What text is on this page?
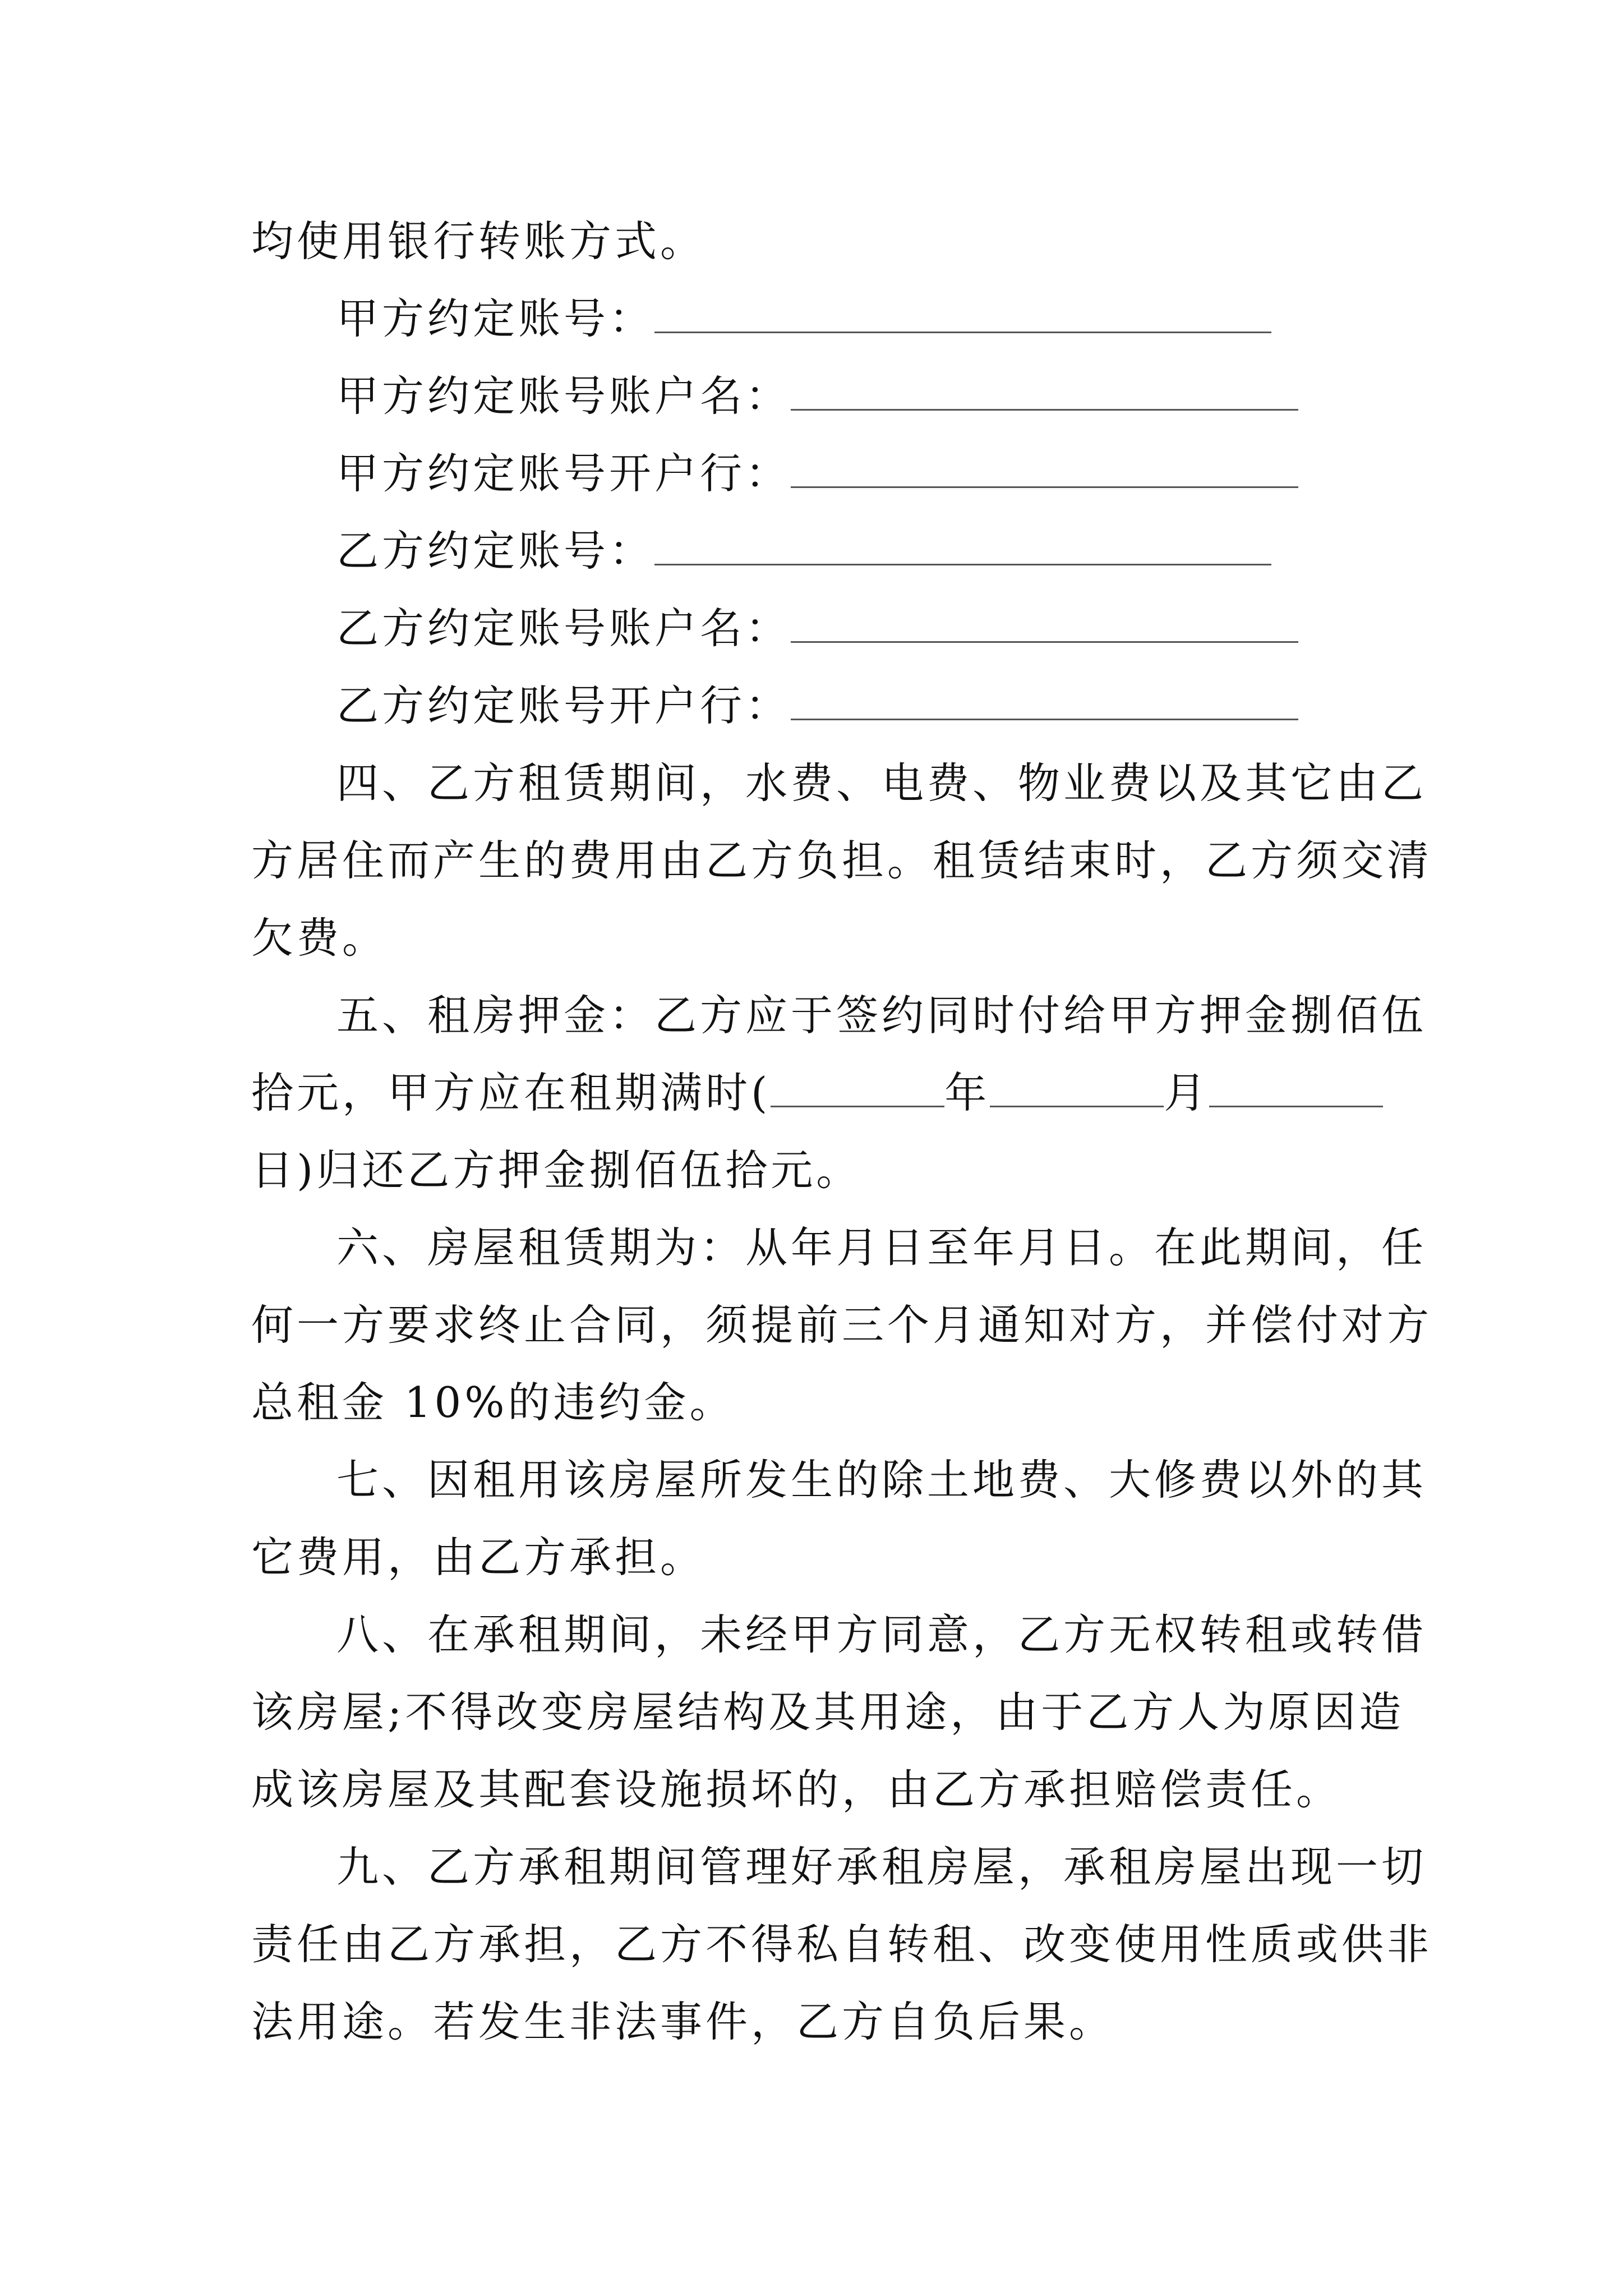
均使用银行转账方式。
甲方约定账号：
甲方约定账号账户名：
甲方约定账号开户行：
乙方约定账号：
乙方约定账号账户名：
乙方约定账号开户行：
四、乙方租赁期间，水费、电费、物业费以及其它由乙
方居住而产生的费用由乙方负担。租赁结束时，乙方须交清
欠费。
五、租房押金：乙方应于签约同时付给甲方押金捌佰伍
拾元，甲方应在租期满时(	年	月
日)归还乙方押金捌佰伍拾元。
六、房屋租赁期为：从年月日至年月日。在此期间，任
何一方要求终止合同，须提前三个月通知对方，并偿付对方
总租金 10%的违约金。
七、因租用该房屋所发生的除土地费、大修费以外的其
它费用，由乙方承担。
八、在承租期间，未经甲方同意，乙方无权转租或转借
该房屋;不得改变房屋结构及其用途，由于乙方人为原因造
成该房屋及其配套设施损坏的，由乙方承担赔偿责任。
九、乙方承租期间管理好承租房屋，承租房屋出现一切
责任由乙方承担，乙方不得私自转租、改变使用性质或供非
法用途。若发生非法事件，乙方自负后果。
